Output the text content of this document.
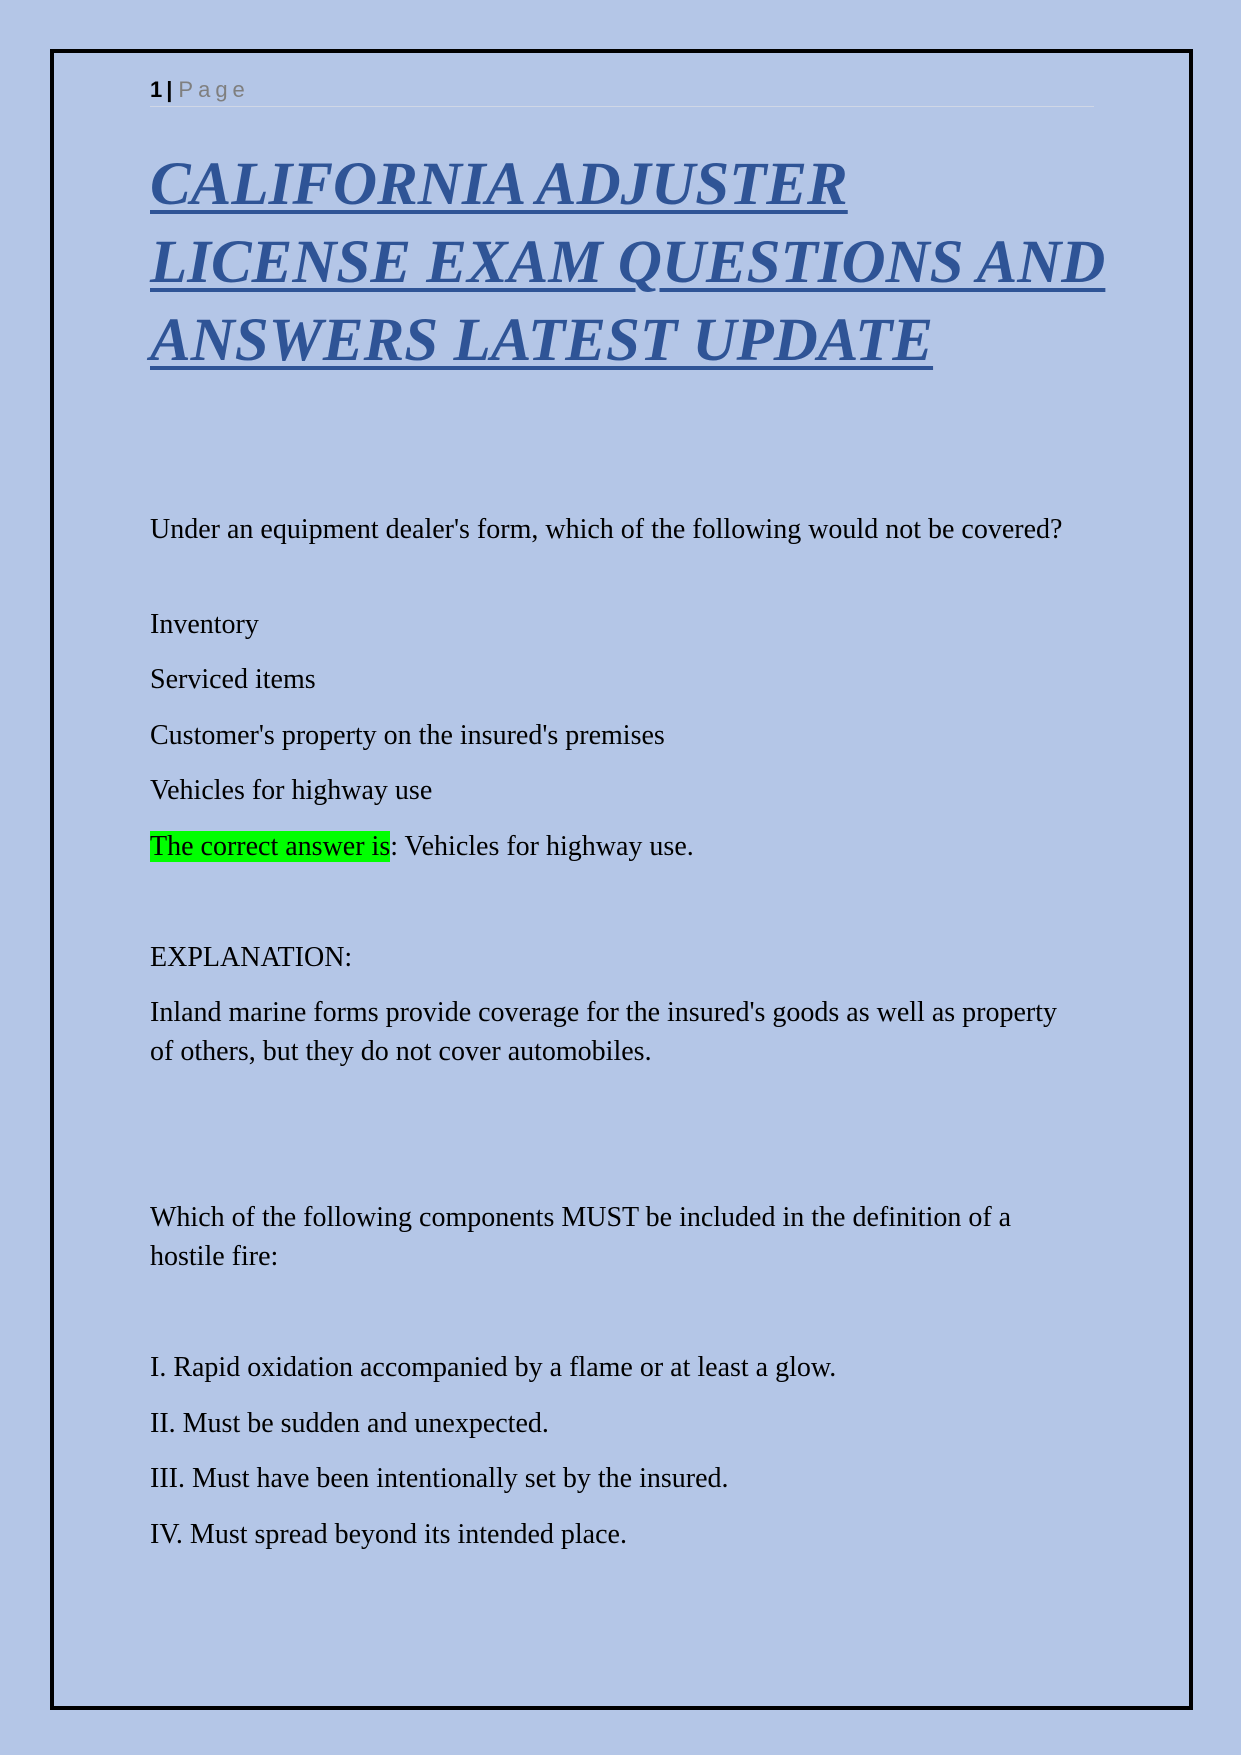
1 | Page
CALIFORNIA ADJUSTER LICENSE EXAM QUESTIONS AND ANSWERS LATEST UPDATE

Under an equipment dealer's form, which of the following would not be covered?

Inventory

Serviced items

Customer's property on the insured's premises

Vehicles for highway use

The correct answer is: Vehicles for highway use.

EXPLANATION:

Inland marine forms provide coverage for the insured's goods as well as property of others, but they do not cover automobiles.

Which of the following components MUST be included in the definition of a hostile fire:

I. Rapid oxidation accompanied by a flame or at least a glow.

II. Must be sudden and unexpected.

III. Must have been intentionally set by the insured.

IV. Must spread beyond its intended place.
